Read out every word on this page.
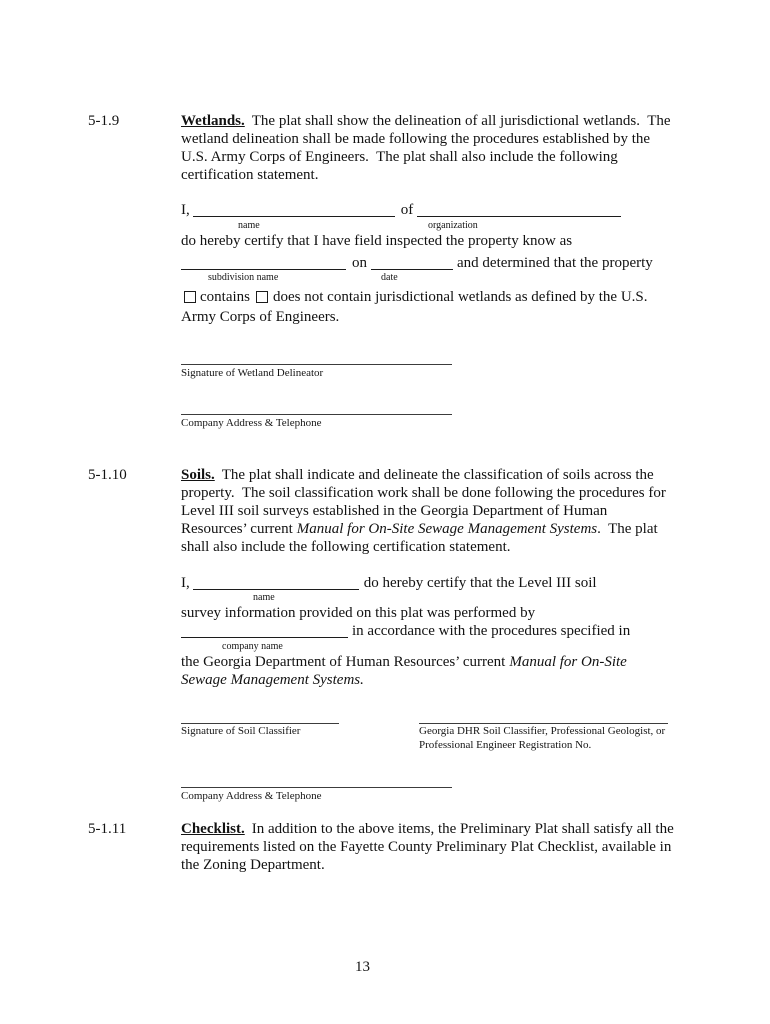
5-1.9	Wetlands. The plat shall show the delineation of all jurisdictional wetlands.  The
wetland delineation shall be made following the procedures established by the
U.S. Army Corps of Engineers.  The plat shall also include the following
certification statement.
I,	of
name	organization
do hereby certify that I have field inspected the property know as
on	and determined that the property
subdivision name	date
contains does not contain jurisdictional wetlands as defined by the U.S.
Army Corps of Engineers.
Signature of Wetland Delineator
Company Address & Telephone
5-1.10	Soils. The plat shall indicate and delineate the classification of soils across the
property.  The soil classification work shall be done following the procedures for
Level III soil surveys established in the Georgia Department of Human
Resources’ current Manual for On-Site Sewage Management Systems .  The plat
shall also include the following certification statement.
I,	do hereby certify that the Level III soil
name
survey information provided on this plat was performed by
in accordance with the procedures specified in
company name
the Georgia Department of Human Resources’ current Manual for On-Site
Sewage Management Systems.
Signature of Soil Classifier	Georgia DHR Soil Classifier, Professional Geologist, or
Professional Engineer Registration No.
Company Address & Telephone
5-1.11	Checklist. In addition to the above items, the Preliminary Plat shall satisfy all the
requirements listed on the Fayette County Preliminary Plat Checklist, available in
the Zoning Department.
13
